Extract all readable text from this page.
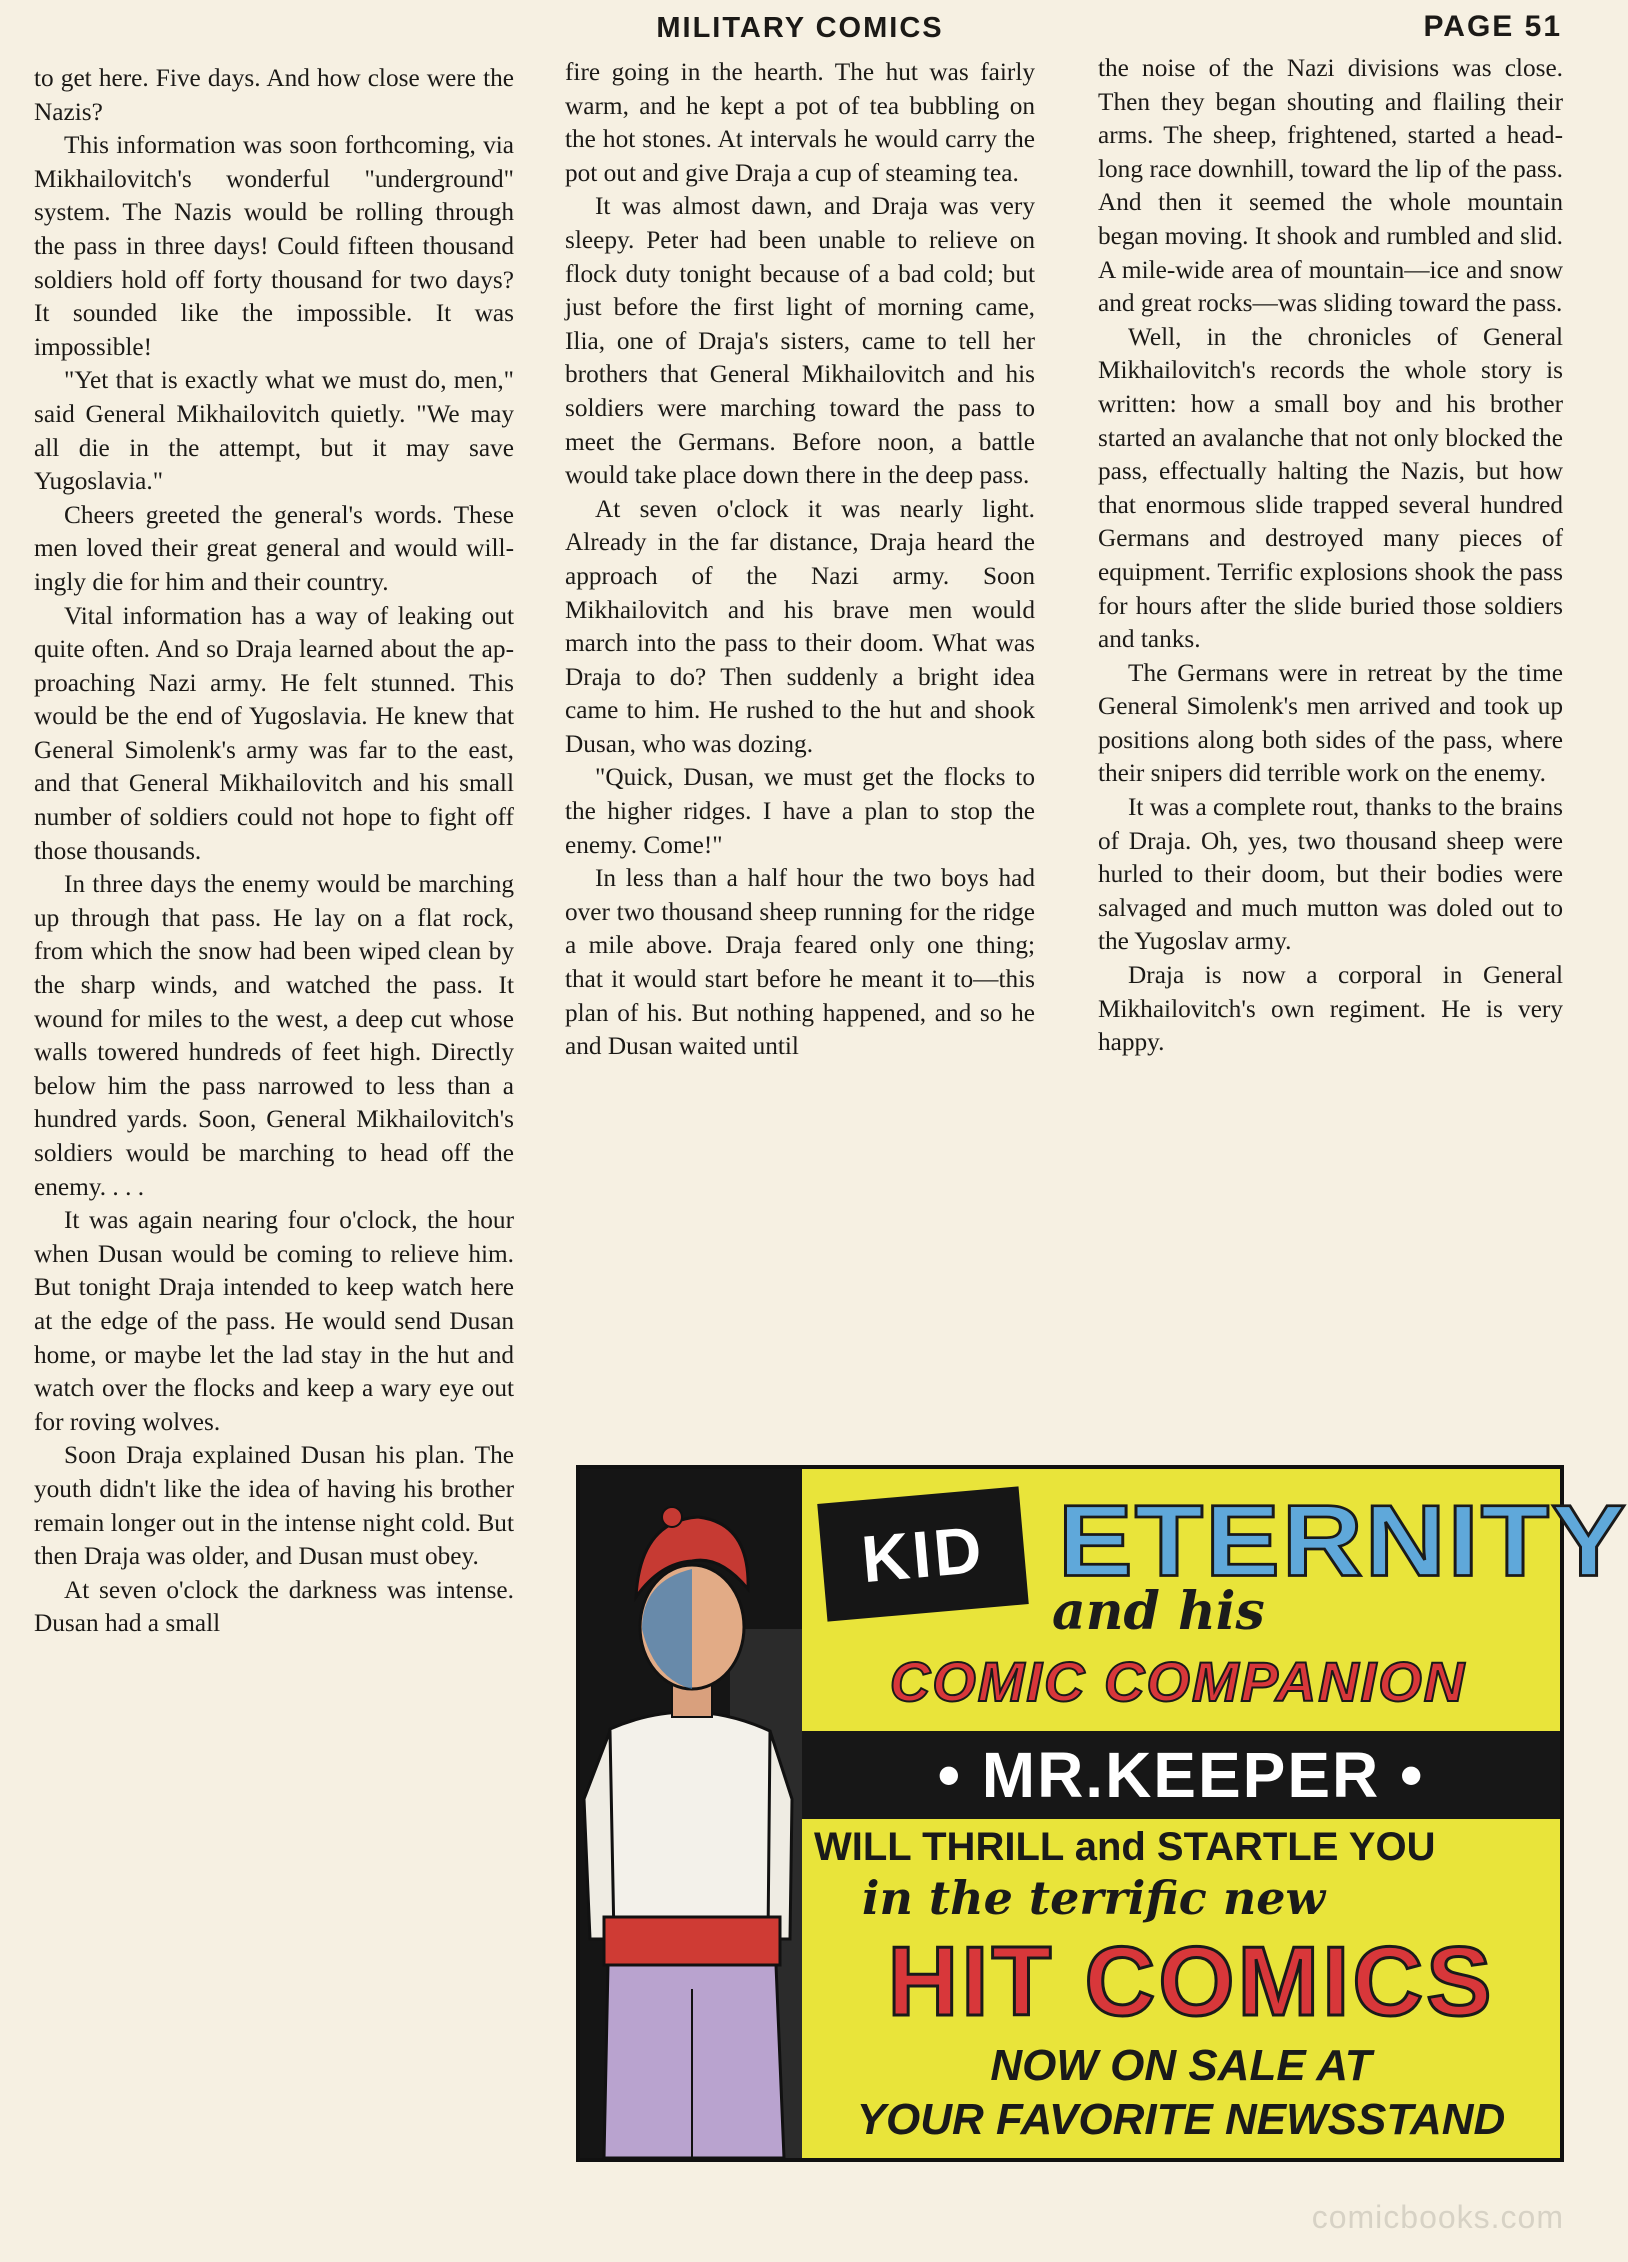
MILITARY COMICS	PAGE 51

to get here. Five days. And how close were the Nazis?

This information was soon forthcoming, via Mikhailovitch's wonderful "underground" system. The Nazis would be rolling through the pass in three days! Could fifteen thousand soldiers hold off forty thousand for two days? It sounded like the impossible. It was impossible!

"Yet that is exactly what we must do, men," said General Mikhailovitch quietly. "We may all die in the attempt, but it may save Yugoslavia."

Cheers greeted the general's words. These men loved their great general and would willingly die for him and their country.

Vital information has a way of leaking out quite often. And so Draja learned about the approaching Nazi army. He felt stunned. This would be the end of Yugoslavia. He knew that General Simolenk's army was far to the east, and that General Mikhailovitch and his small number of soldiers could not hope to fight off those thousands.

In three days the enemy would be marching up through that pass. He lay on a flat rock, from which the snow had been wiped clean by the sharp winds, and watched the pass. It wound for miles to the west, a deep cut whose walls towered hundreds of feet high. Directly below him the pass narrowed to less than a hundred yards. Soon, General Mikhailovitch's soldiers would be marching to head off the enemy. . . .

It was again nearing four o'clock, the hour when Dusan would be coming to relieve him. But tonight Draja intended to keep watch here at the edge of the pass. He would send Dusan home, or maybe let the lad stay in the hut and watch over the flocks and keep a wary eye out for roving wolves.

Soon Draja explained Dusan his plan. The youth didn't like the idea of having his brother remain longer out in the intense night cold. But then Draja was older, and Dusan must obey.

At seven o'clock the darkness was intense. Dusan had a small

fire going in the hearth. The hut was fairly warm, and he kept a pot of tea bubbling on the hot stones. At intervals he would carry the pot out and give Draja a cup of steaming tea.

It was almost dawn, and Draja was very sleepy. Peter had been unable to relieve on flock duty tonight because of a bad cold; but just before the first light of morning came, Ilia, one of Draja's sisters, came to tell her brothers that General Mikhailovitch and his soldiers were marching toward the pass to meet the Germans. Before noon, a battle would take place down there in the deep pass.

At seven o'clock it was nearly light. Already in the far distance, Draja heard the approach of the Nazi army. Soon Mikhailovitch and his brave men would march into the pass to their doom. What was Draja to do? Then suddenly a bright idea came to him. He rushed to the hut and shook Dusan, who was dozing.

"Quick, Dusan, we must get the flocks to the higher ridges. I have a plan to stop the enemy. Come!"

In less than a half hour the two boys had over two thousand sheep running for the ridge a mile above. Draja feared only one thing; that it would start before he meant it to—this plan of his. But nothing happened, and so he and Dusan waited until

the noise of the Nazi divisions was close. Then they began shouting and flailing their arms. The sheep, frightened, started a headlong race downhill, toward the lip of the pass. And then it seemed the whole mountain began moving. It shook and rumbled and slid. A mile-wide area of mountain—ice and snow and great rocks—was sliding toward the pass.

Well, in the chronicles of General Mikhailovitch's records the whole story is written: how a small boy and his brother started an avalanche that not only blocked the pass, effectually halting the Nazis, but how that enormous slide trapped several hundred Germans and destroyed many pieces of equipment. Terrific explosions shook the pass for hours after the slide buried those soldiers and tanks.

The Germans were in retreat by the time General Simolenk's men arrived and took up positions along both sides of the pass, where their snipers did terrible work on the enemy.

It was a complete rout, thanks to the brains of Draja. Oh, yes, two thousand sheep were hurled to their doom, but their bodies were salvaged and much mutton was doled out to the Yugoslav army.

Draja is now a corporal in General Mikhailovitch's own regiment. He is very happy.

KID ETERNITY
and his
COMIC COMPANION
• MR.KEEPER •
WILL THRILL and STARTLE YOU
in the terrific new
HIT COMICS
NOW ON SALE AT
YOUR FAVORITE NEWSSTAND
comicbooks.com
